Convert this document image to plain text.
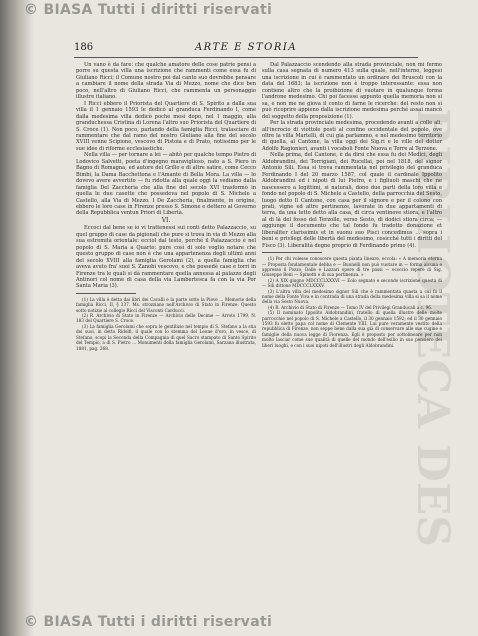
© BIASA Tutti i diritti riservati
BIBLIOTECA DES
186	ARTE E STORIA

Un vano è da fare: che qualche amatore delle cose patrie pensi a porre su questa villa una iscrizione che rammenti come essa fu di Giuliano Ricci; il Comune nostro poi dal canto suo dovrebbe pensare a cambiare il nome della strada Via di Mezzo, nome che dice ben poco, nell'altro di Giuliano Ricci, che rammenta un personaggio illustre italiano.

I Ricci ebbero il Priorista del Quartiere di S. Spirito a dalla sua villa il 1 gennaio 1593 le dedicò al granduca Ferdinando I, come dalla medesima villa dedicò poche mesi dopo, nel 1 maggio, alla granduchessa Cristina di Lorena l'altro suo Priorista del Quartiere di S. Croce (1). Non poco, parlando della famiglia Ricci, tralasciare di rammentare che dal ramo del nostro Giuliano alla fine del secolo XVIII venne Scipione, vescovo di Pistoia e di Prato, notissimo per le sue idee di riforme ecclesiastiche.

Nella villa — per tornare a lei — abitò per qualche tempo Pietro di Lodovico Salvetti, poeta d'ingegno maraviglioso, nato a S. Piero in Bagno di Romagna, ed autore del Grillo e di altre satire, come Cecco Bimbi, la Dama Bacchettona e l'Amante di Bella Mora. La villa — lo dovevo avere avvertito — fu ridotta alla quale oggi la vediamo dalla famiglia Del Zaccheria che alla fine del secolo XVI trasformò in quella le due casette che possedeva nel popolo di S. Michele a Castello, alla Via di Mezzo. I De Zaccheria, finalmente, in origine, ebbero le loro case in Firenze presso S. Simone e dettero al Governo della Repubblica ventun Priori di Libertà.

VI.

Eccoci dal bene se io vi trattenessi sui conti detto Palazzaccio, su quel gruppo di case da pigionali che pure si trova in via di Mezzo alla sua estremità orientale: ecciol dal testo, perché il Palazzaccio è nel popolo di S. Maria a Quarto; pure così di solo voglio notare che questo gruppo di case non è che una appartenenza degli ultimi anni del secolo XVIII alla famiglia Gerolami (2), a quella famiglia che aveva avuto fra' suoi S. Zanobi vescovo, e che possedè case e torri in Firenze tra le quali si dà rammentare quella annessa al palazzo degli Antinori col nome di casa della via Lambertesca fa con la via Por Santa Maria (3).

(1) La villa è detta dai libri dei Cavalli e la parte sotto la Pieve ... Memorie della famiglia Ricci, II, § 337. Ms. strozziano nell'Archivio di Stato in Firenze. Questo sotto notizie al collegio Ricci del Visconti Carducci.

(2) R. Archivio di Stato in Firenze — Archivio delle Decime — Arroto 1799, N. 183 del Quartiere S. Croce.

(3) La famiglia Gerolami che sopra le gentilizie nel tempio di S. Stefano a la stia dei suoi, in detto Ridolfi, il quale con lo stemma del Leone d'oro, in vesce, di Stefano, scopi la Seconda della Compagnia di quel Sacro stampato di Santo Spirito del Tempio, a di S. Pietro ... Monumenti della famiglia Gerolami, Sarzana illustrata, 1881, pag. 268.

Dal Palazzaccio scendendo alla strada provinciale, non mi fermo sulla casa segnata di numero 413 sulla quale, nell'interno, leggesi una iscrizione in cui è rammentato un ordinare dei Bruscoli con la data del 1683; la iscrizione non è troppo interessante: essa non contiene altro che la proibizione di vuotare in qualunque forma l'androne medesimo. Chi poi facesse appunto quella memoria non si sa, e non me ne giova il conto di farne le ricerche: del resto non si può ricoprire appieno dalla iscrizione medesima perché assai mancò del soggetto della proposizione (1).

Per la strada provinciale medesima, procedendo avanti a colle ali, all'incrocio di viottole posti al confine occidentale del popolo, ove oltre la villa Martelli, di cui già parlammo, e nel medesimo territorio di quella, al Cantone, la villa oggi dei Sig.ri e le ville del dottor Adolfo Ragionieri, avanti i vocaboli Fonte Nuova e Torre al Terzone.

Nella prima, del Cantone, è da dirsi che essa fu dei Medici, degli Aldobrandini, dei Torrigiani, dei Rucellai, poi nel 1818, del signor Antonio Sili. Essa si trova rammentata nel privilegio del granduca Ferdinando I del 20 marzo 1587, col quale il cardinale Ippolito Aldobrandini ed i nipoti di lui Pietro, e i figliuoli maschi che ne nascessero a legittimi, si naturali, dono due parti della loro villa e fondo nel popolo di S. Michele a Castello, della parrocchia del Sesto, luogo detto Il Cantone, con casa per il signore e per il colono con prati, vigne ed altre pertinenze, lavorate in due appartamenti di terra, da una tetto detto alla casa, di circa ventinove stiora, e l'altro al di là del fosso del Terzolle, verso Sesto, di dodici stiora circa; — aggiunge il documento che tal fondo fu tradotto donazione et liberaliter clarissimis et in suonu suo Pisci concedimus ... sopra i beni e privilegi delle libertà del medesimo, cosicché tutti i diritti del Fisco (3). Liberalità degne proprio di Ferdinando primo (4).

(1) Per chi volesse conoscere questa pianta lineare, eccola: « A memoria eterna — Proposta fondamentale debba e — Buonelli non può vuotare in — forma alcuna e appresso il Pozzo, Dalle e Lazzari opere di tre passi — ecoccio repere di Sig. Giuseppe Beni — Spinetti e di sua pertinenza. »

(2) A XIX giugno MDCCCLXXXVI — Eolo segnato e secondo iscrizione questa di — Sili dittone MDCCCLXXXV.

(3) L'altra villa del medesimo signor Sili che è rammentata quasta a cui fa il nome della Fonte Viva e in contrada di una strada della medesima villa si sa il nome della via Sesto Nuova.

(4) R. Archivio di Stato di Firenze — Tomo IV del Privilegi Granducali a c. 96.

(5) Il nominato Ippolito Aldobrandini, fratello di quella illustre delle molte parrocchie nel popolo di S. Michele a Castello, il 30 gennaio 1592; ed il 30 gennaio 1593 fu eletto papa col nome di Clemente VIII. Lui pure veramente vestito della repubblica di Firenze, non seppe bene dalla sua già di conservare alle sue cugine e famiglie della nuova legge di Fiorenza. Egli è proposto per sottolineare per non molto lasciar come sue qualità di quelle del mondo dell'esilio in suo pensiero dei liberi luoghi, e con i suoi nipoti dell'illustri degli Aldobrandini.

© BIASA Tutti i diritti riservati
